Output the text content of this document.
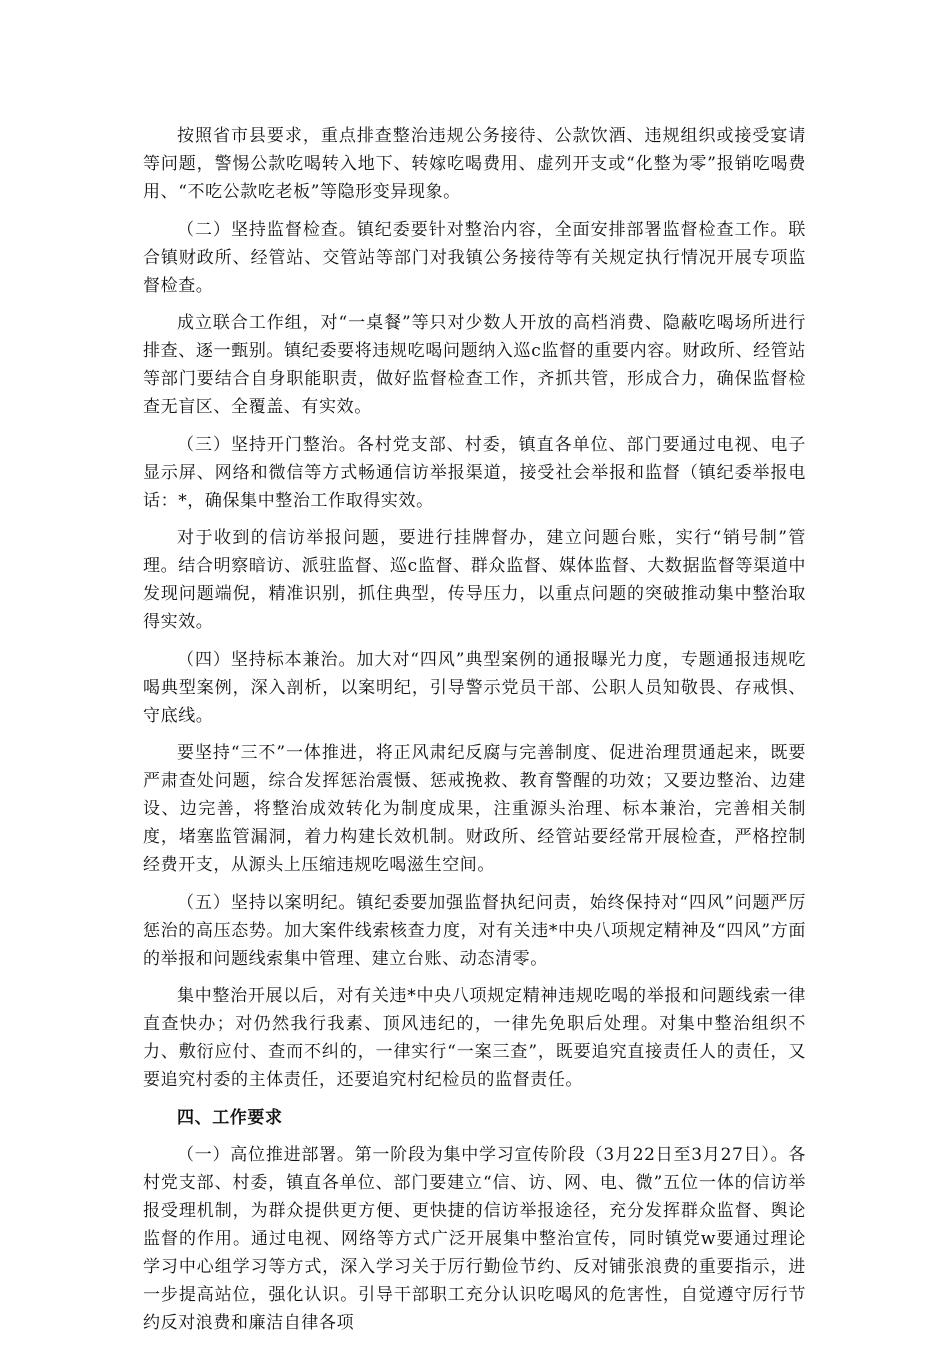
按照省市县要求，重点排查整治违规公务接待、公款饮酒、违规组织或接受宴请等问题，警惕公款吃喝转入地下、转嫁吃喝费用、虚列开支或“化整为零”报销吃喝费用、“不吃公款吃老板”等隐形变异现象。

（二）坚持监督检查。镇纪委要针对整治内容，全面安排部署监督检查工作。联合镇财政所、经管站、交管站等部门对我镇公务接待等有关规定执行情况开展专项监督检查。

成立联合工作组，对“一桌餐”等只对少数人开放的高档消费、隐蔽吃喝场所进行排查、逐一甄别。镇纪委要将违规吃喝问题纳入巡c监督的重要内容。财政所、经管站等部门要结合自身职能职责，做好监督检查工作，齐抓共管，形成合力，确保监督检查无盲区、全覆盖、有实效。

（三）坚持开门整治。各村党支部、村委，镇直各单位、部门要通过电视、电子显示屏、网络和微信等方式畅通信访举报渠道，接受社会举报和监督（镇纪委举报电话：*，确保集中整治工作取得实效。

对于收到的信访举报问题，要进行挂牌督办，建立问题台账，实行“销号制”管理。结合明察暗访、派驻监督、巡c监督、群众监督、媒体监督、大数据监督等渠道中发现问题端倪，精准识别，抓住典型，传导压力，以重点问题的突破推动集中整治取得实效。

（四）坚持标本兼治。加大对“四风”典型案例的通报曝光力度，专题通报违规吃喝典型案例，深入剖析，以案明纪，引导警示党员干部、公职人员知敬畏、存戒惧、守底线。

要坚持“三不”一体推进，将正风肃纪反腐与完善制度、促进治理贯通起来，既要严肃查处问题，综合发挥惩治震慑、惩戒挽救、教育警醒的功效；又要边整治、边建设、边完善，将整治成效转化为制度成果，注重源头治理、标本兼治，完善相关制度，堵塞监管漏洞，着力构建长效机制。财政所、经管站要经常开展检查，严格控制经费开支，从源头上压缩违规吃喝滋生空间。

（五）坚持以案明纪。镇纪委要加强监督执纪问责，始终保持对“四风”问题严厉惩治的高压态势。加大案件线索核查力度，对有关违*中央八项规定精神及“四风”方面的举报和问题线索集中管理、建立台账、动态清零。

集中整治开展以后，对有关违*中央八项规定精神违规吃喝的举报和问题线索一律直查快办；对仍然我行我素、顶风违纪的，一律先免职后处理。对集中整治组织不力、敷衍应付、查而不纠的，一律实行“一案三查”，既要追究直接责任人的责任，又要追究村委的主体责任，还要追究村纪检员的监督责任。

四、工作要求

（一）高位推进部署。第一阶段为集中学习宣传阶段（3月22日至3月27日）。各村党支部、村委，镇直各单位、部门要建立“信、访、网、电、微”五位一体的信访举报受理机制，为群众提供更方便、更快捷的信访举报途径，充分发挥群众监督、舆论监督的作用。通过电视、网络等方式广泛开展集中整治宣传，同时镇党w要通过理论学习中心组学习等方式，深入学习关于厉行勤俭节约、反对铺张浪费的重要指示，进一步提高站位，强化认识。引导干部职工充分认识吃喝风的危害性，自觉遵守厉行节约反对浪费和廉洁自律各项
